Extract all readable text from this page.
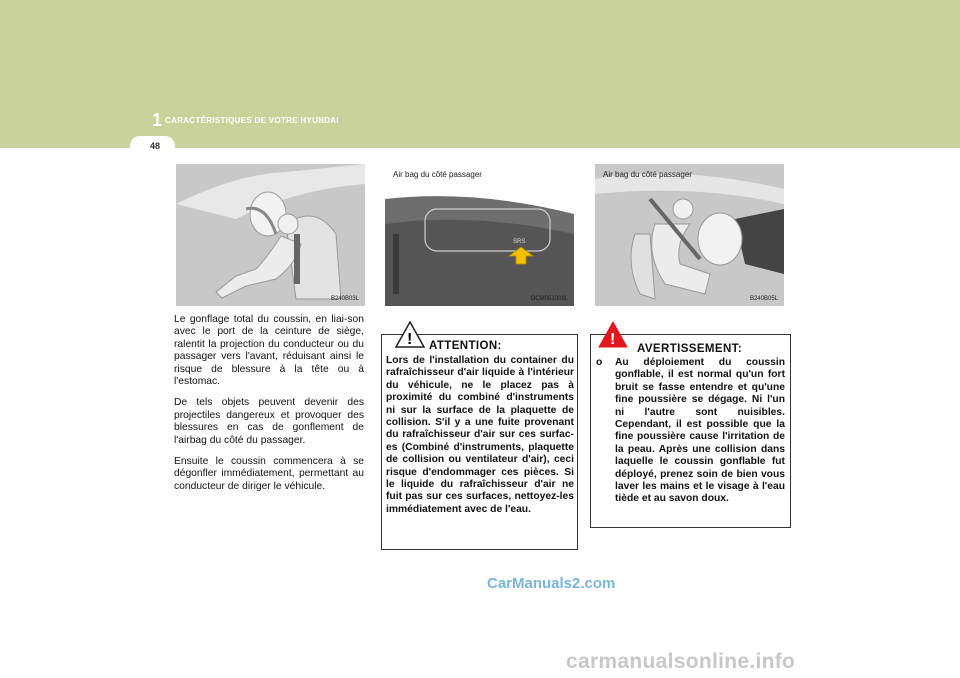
1 CARACTÉRISTIQUES DE VOTRE HYUNDAI
48
B240B03L
SRS
Air bag du côté passager
OCM051009L
Air bag du côté passager
B240B05L

Le gonflage total du coussin, en liai-son avec le port de la ceinture de siège, ralentit la projection du conducteur ou du passager vers l'avant, réduisant ainsi le risque de blessure à la tête ou à l'estomac.

De tels objets peuvent devenir des projectiles dangereux et provoquer des blessures en cas de gonflement de l'airbag du côté du passager.

Ensuite le coussin commencera à se dégonfler immédiatement, permettant au conducteur de diriger le véhicule.

! ATTENTION:
Lors de l'installation du container du rafraîchisseur d'air liquide à l'intérieur du véhicule, ne le placez pas à proximité du combiné d'instruments ni sur la surface de la plaquette de collision. S'il y a une fuite provenant du rafraîchisseur d'air sur ces surfac-es (Combiné d'instruments, plaquette de collision ou ventilateur d'air), ceci risque d'endommager ces pièces. Si le liquide du rafraîchisseur d'air ne fuit pas sur ces surfaces, nettoyez-les immédiatement avec de l'eau.
!
AVERTISSEMENT:
o Au déploiement du coussin gonflable, il est normal qu'un fort bruit se fasse entendre et qu'une fine poussière se dégage. Ni l'un ni l'autre sont nuisibles. Cependant, il est possible que la fine poussière cause l'irritation de la peau. Après une collision dans laquelle le coussin gonflable fut déployé, prenez soin de bien vous laver les mains et le visage à l'eau tiède et au savon doux.
CarManuals2.com
carmanualsonline.info
